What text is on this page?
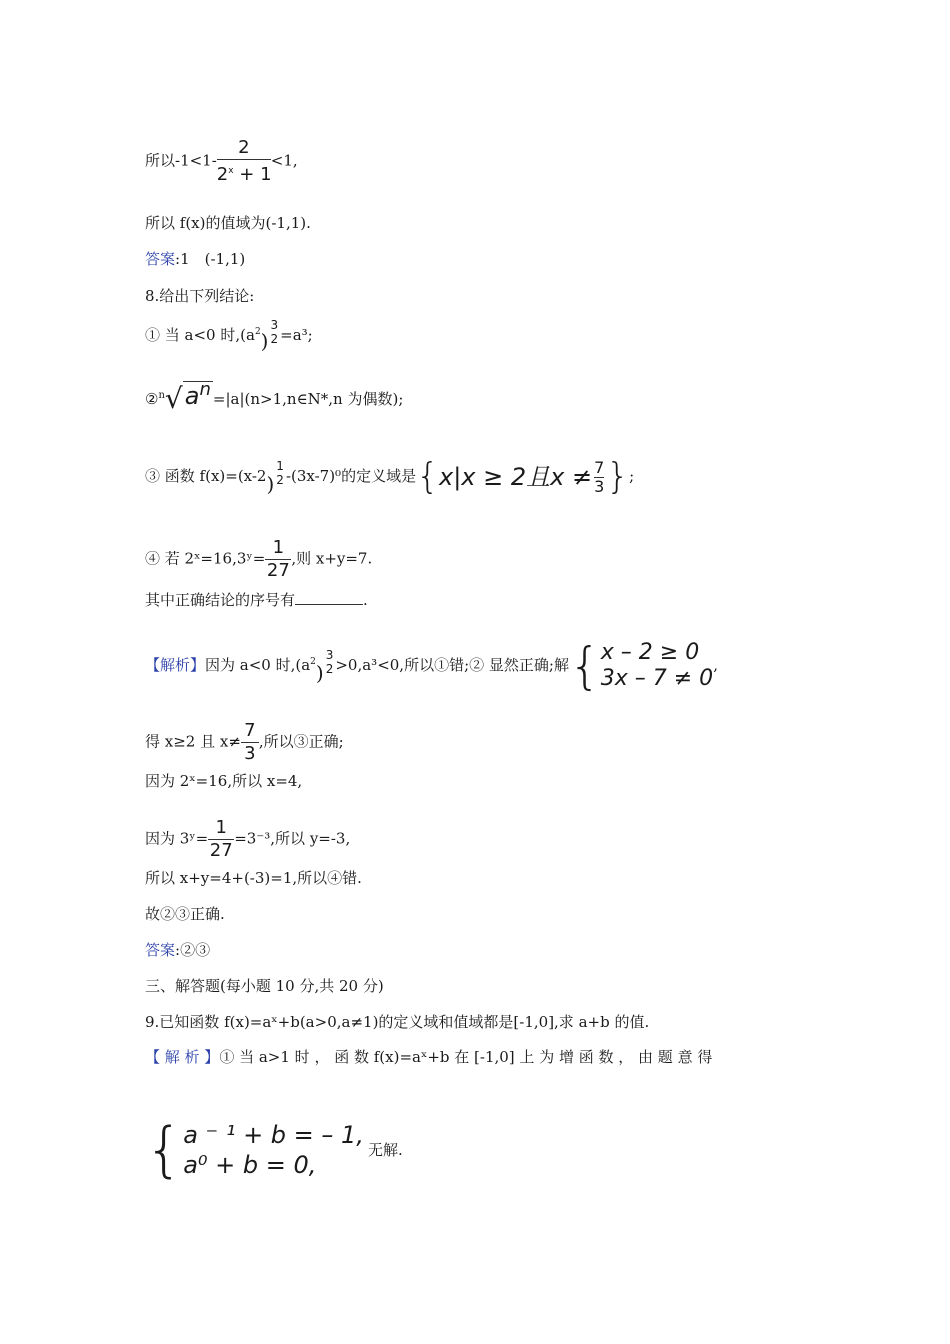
所以$-1<1- \frac{2}{2^x + 1} <1$,
所以 f(x)的值域为(-1,1).
答案:1　(-1,1)
8.给出下列结论:
① 当 a<0 时$,(a^2)$
3
2 =a³;
$②^n√a^n$ =|a|(n>1,n∈N*,n 为偶数);
③ 函数 f(x)=(x-2)
1
2 -(3x-7)⁰的定义域是{x|x ≥ 2且$x \ne \frac{7}{3}$ };
④ 若 2ˣ=16,3ʸ= $\frac{1}{27}$ ,则 x+y=7.
其中正确结论的序号有	.
【解析】因为 a<0 时$,(a^2)$
3
2 >0,a³<0,所以①错;② 显然正确;解{ x – 2 ≥ 0
3x – 7 ≠ 0
,
得 x≥2 且 $x\ne \frac{7}{3}$ ,所以③正确;
因为 2ˣ=16,所以 x=4,
因为 3ʸ= $\frac{1}{27} =3^{-3}$,所以 y=-3,
所以 x+y=4+(-3)=1,所以④错.
故②③正确.
答案:②③
三、解答题(每小题 10 分,共 20 分)
9.已知函数 f(x)=aˣ+b(a>0,a≠1)的定义域和值域都是[-1,0],求 a+b 的值.
【 解 析 】① 当 a>1 时 ， 函 数 f(x)=aˣ+b 在 [-1,0] 上 为 增 函 数 ， 由 题 意 得
{ a ⁻ ¹ + b = – 1,
a⁰ + b = 0,
无解.
